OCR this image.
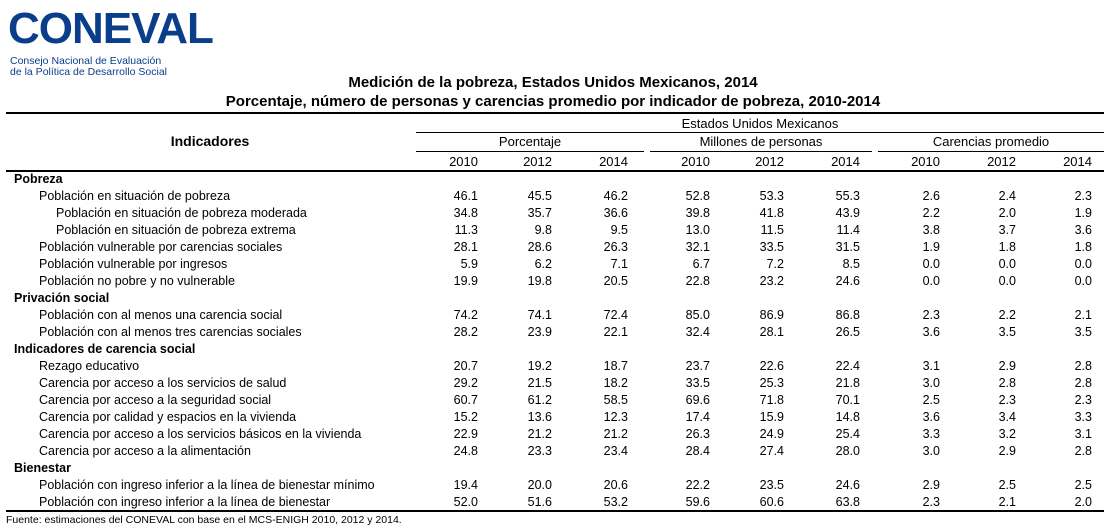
CONEVAL
Consejo Nacional de Evaluación
de la Política de Desarrollo Social
Medición de la pobreza, Estados Unidos Mexicanos, 2014
Porcentaje, número de personas y carencias promedio por indicador de pobreza, 2010-2014
Indicadores
Estados Unidos Mexicanos
Porcentaje	Millones de personas	Carencias promedio
2010	2012	2014	2010	2012	2014	2010	2012	2014
Pobreza
Población en situación de pobreza	46.1	45.5	46.2	52.8	53.3	55.3	2.6	2.4	2.3
Población en situación de pobreza moderada	34.8	35.7	36.6	39.8	41.8	43.9	2.2	2.0	1.9
Población en situación de pobreza extrema	11.3	9.8	9.5	13.0	11.5	11.4	3.8	3.7	3.6
Población vulnerable por carencias sociales	28.1	28.6	26.3	32.1	33.5	31.5	1.9	1.8	1.8
Población vulnerable por ingresos	5.9	6.2	7.1	6.7	7.2	8.5	0.0	0.0	0.0
Población no pobre y no vulnerable	19.9	19.8	20.5	22.8	23.2	24.6	0.0	0.0	0.0
Privación social
Población con al menos una carencia social	74.2	74.1	72.4	85.0	86.9	86.8	2.3	2.2	2.1
Población con al menos tres carencias sociales	28.2	23.9	22.1	32.4	28.1	26.5	3.6	3.5	3.5
Indicadores de carencia social
Rezago educativo	20.7	19.2	18.7	23.7	22.6	22.4	3.1	2.9	2.8
Carencia por acceso a los servicios de salud	29.2	21.5	18.2	33.5	25.3	21.8	3.0	2.8	2.8
Carencia por acceso a la seguridad social	60.7	61.2	58.5	69.6	71.8	70.1	2.5	2.3	2.3
Carencia por calidad y espacios en la vivienda	15.2	13.6	12.3	17.4	15.9	14.8	3.6	3.4	3.3
Carencia por acceso a los servicios básicos en la vivienda	22.9	21.2	21.2	26.3	24.9	25.4	3.3	3.2	3.1
Carencia por acceso a la alimentación	24.8	23.3	23.4	28.4	27.4	28.0	3.0	2.9	2.8
Bienestar
Población con ingreso inferior a la línea de bienestar mínimo	19.4	20.0	20.6	22.2	23.5	24.6	2.9	2.5	2.5
Población con ingreso inferior a la línea de bienestar	52.0	51.6	53.2	59.6	60.6	63.8	2.3	2.1	2.0
Fuente: estimaciones del CONEVAL con base en el MCS-ENIGH 2010, 2012 y 2014.
